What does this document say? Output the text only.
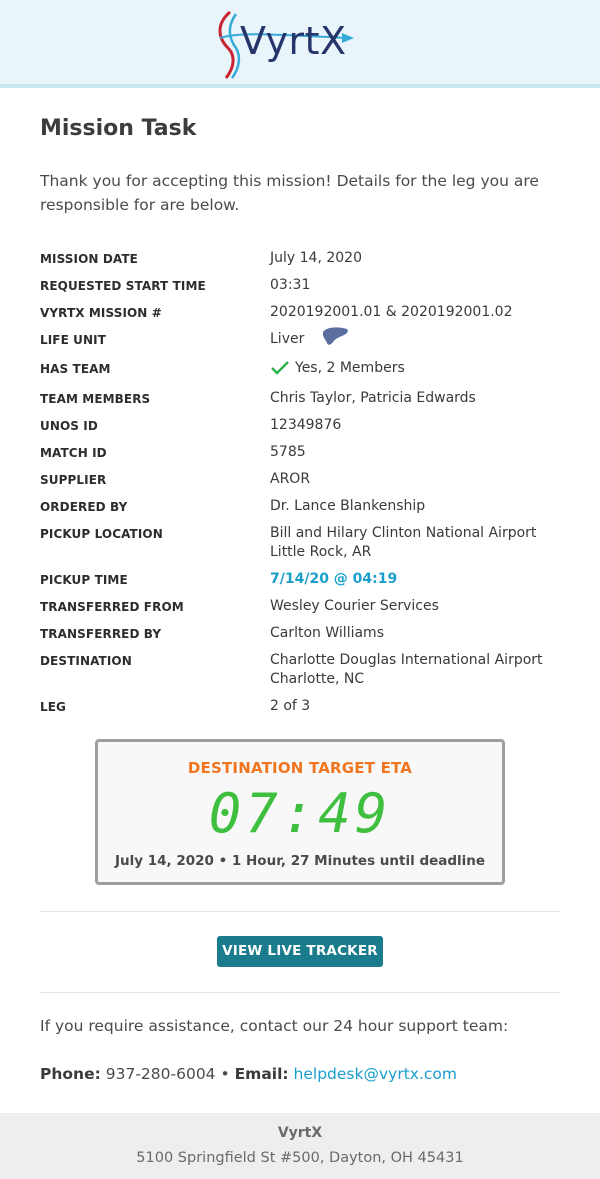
VyrtX
Mission Task
Thank you for accepting this mission! Details for the leg you are responsible for are below.
MISSION DATE	July 14, 2020
REQUESTED START TIME	03:31
VYRTX MISSION #	2020192001.01 & 2020192001.02
LIFE UNIT	Liver
HAS TEAM	Yes, 2 Members
TEAM MEMBERS	Chris Taylor, Patricia Edwards
UNOS ID	12349876
MATCH ID	5785
SUPPLIER	AROR
ORDERED BY	Dr. Lance Blankenship
PICKUP LOCATION	Bill and Hilary Clinton National Airport
Little Rock, AR
PICKUP TIME	7/14/20 @ 04:19
TRANSFERRED FROM	Wesley Courier Services
TRANSFERRED BY	Carlton Williams
DESTINATION	Charlotte Douglas International Airport
Charlotte, NC
LEG	2 of 3
DESTINATION TARGET ETA
07:49
July 14, 2020 • 1 Hour, 27 Minutes until deadline
VIEW LIVE TRACKER
If you require assistance, contact our 24 hour support team:
Phone: 937-280-6004 • Email: helpdesk@vyrtx.com
VyrtX
5100 Springfield St #500, Dayton, OH 45431
